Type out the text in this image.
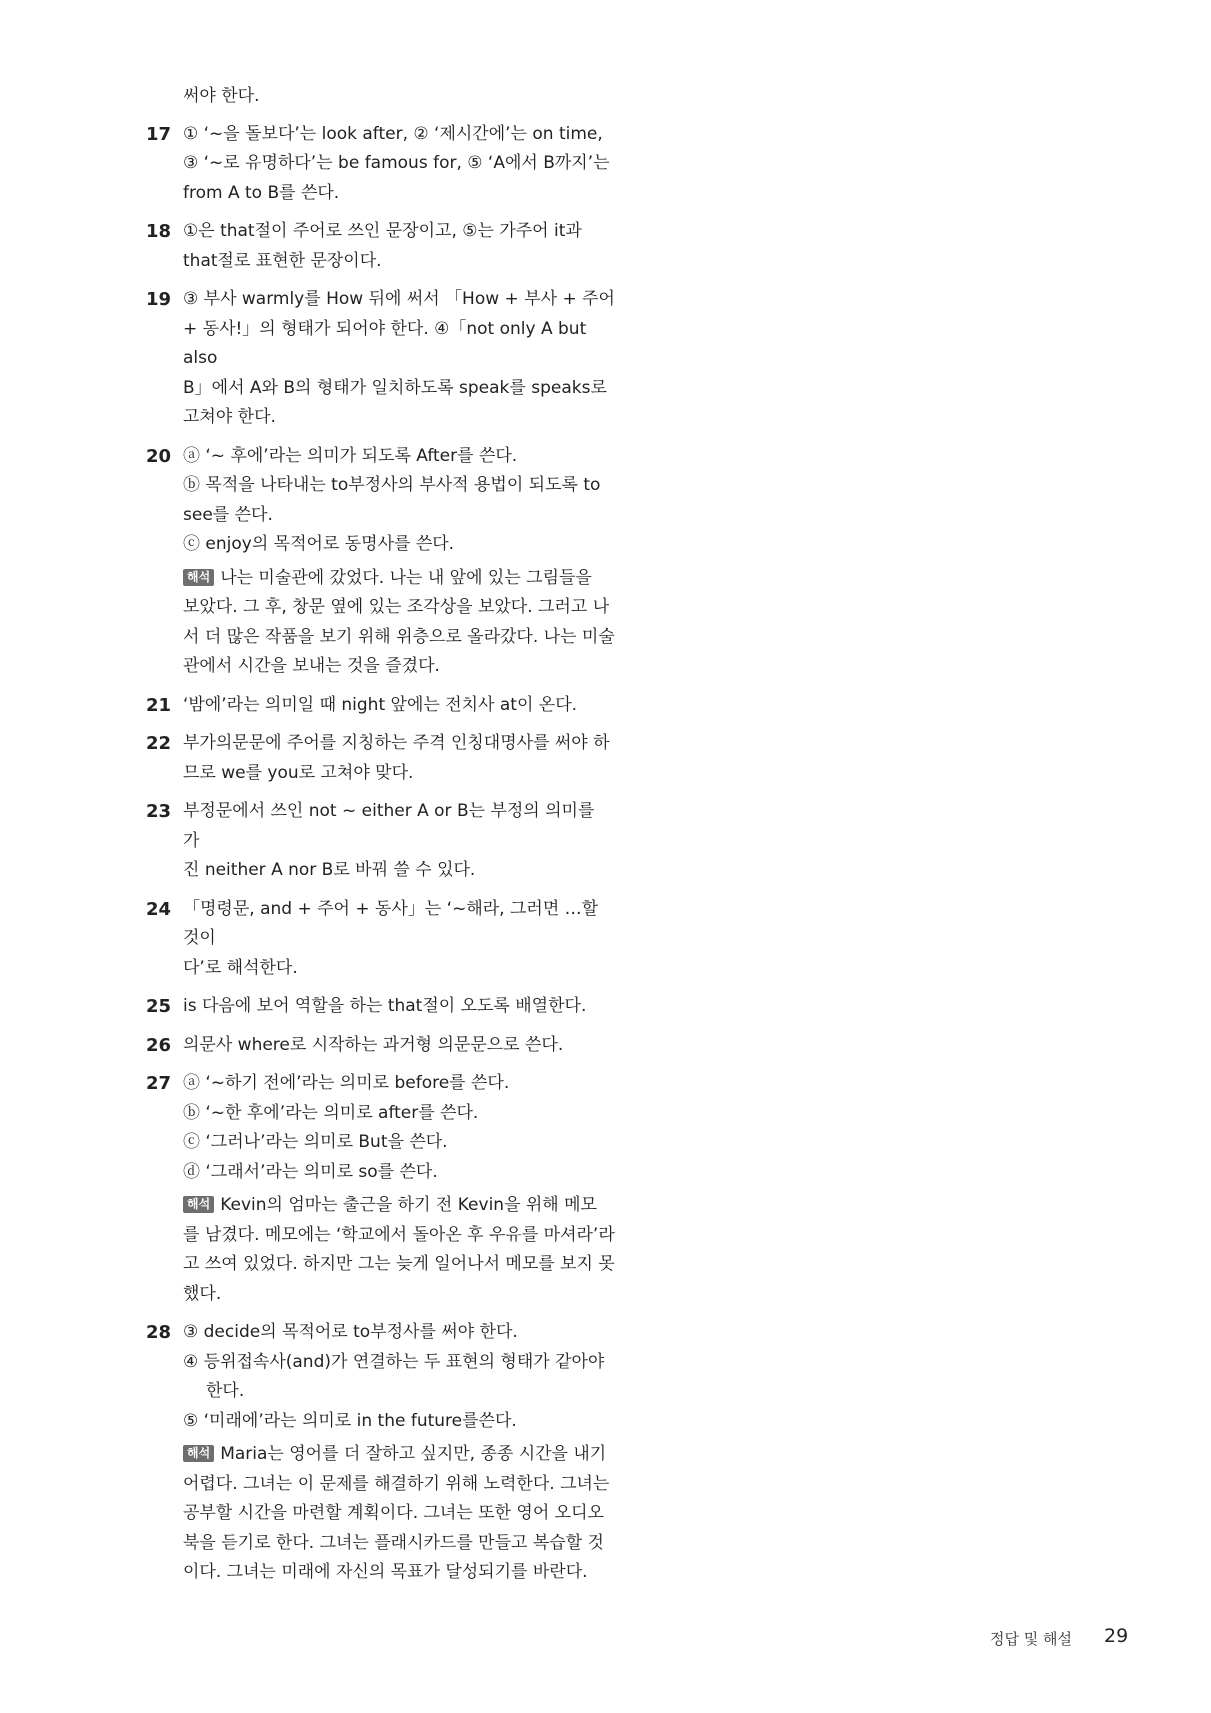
써야 한다.
17 ① ‘~을 돌보다’는 look after, ② ‘제시간에’는 on time,
③ ‘~로 유명하다’는 be famous for, ⑤ ‘A에서 B까지’는
from A to B를 쓴다.
18 ①은 that절이 주어로 쓰인 문장이고, ⑤는 가주어 it과
that절로 표현한 문장이다.
19 ③ 부사 warmly를 How 뒤에 써서 「How + 부사 + 주어
+ 동사!」의 형태가 되어야 한다. ④「not only A but also
B」에서 A와 B의 형태가 일치하도록 speak를 speaks로
고쳐야 한다.
20 ⓐ ‘~ 후에’라는 의미가 되도록 After를 쓴다.
ⓑ 목적을 나타내는 to부정사의 부사적 용법이 되도록 to
see를 쓴다.
ⓒ enjoy의 목적어로 동명사를 쓴다.
해석 나는 미술관에 갔었다. 나는 내 앞에 있는 그림들을
보았다. 그 후, 창문 옆에 있는 조각상을 보았다. 그러고 나
서 더 많은 작품을 보기 위해 위층으로 올라갔다. 나는 미술
관에서 시간을 보내는 것을 즐겼다.
21 ‘밤에’라는 의미일 때 night 앞에는 전치사 at이 온다.
22 부가의문문에 주어를 지칭하는 주격 인칭대명사를 써야 하
므로 we를 you로 고쳐야 맞다.
23 부정문에서 쓰인 not ~ either A or B는 부정의 의미를 가
진 neither A nor B로 바꿔 쓸 수 있다.
24 「명령문, and + 주어 + 동사」는 ‘~해라, 그러면 …할 것이
다’로 해석한다.
25 is 다음에 보어 역할을 하는 that절이 오도록 배열한다.
26 의문사 where로 시작하는 과거형 의문문으로 쓴다.
27 ⓐ ‘~하기 전에’라는 의미로 before를 쓴다.
ⓑ ‘~한 후에’라는 의미로 after를 쓴다.
ⓒ ‘그러나’라는 의미로 But을 쓴다.
ⓓ ‘그래서’라는 의미로 so를 쓴다.
해석 Kevin의 엄마는 출근을 하기 전 Kevin을 위해 메모
를 남겼다. 메모에는 ‘학교에서 돌아온 후 우유를 마셔라’라
고 쓰여 있었다. 하지만 그는 늦게 일어나서 메모를 보지 못
했다.
28 ③ decide의 목적어로 to부정사를 써야 한다.
④ 등위접속사(and)가 연결하는 두 표현의 형태가 같아야 한다.
⑤ ‘미래에’라는 의미로 in the future를쓴다.
해석 Maria는 영어를 더 잘하고 싶지만, 종종 시간을 내기
어렵다. 그녀는 이 문제를 해결하기 위해 노력한다. 그녀는
공부할 시간을 마련할 계획이다. 그녀는 또한 영어 오디오
북을 듣기로 한다. 그녀는 플래시카드를 만들고 복습할 것
이다. 그녀는 미래에 자신의 목표가 달성되기를 바란다.
정답 및 해설 29
